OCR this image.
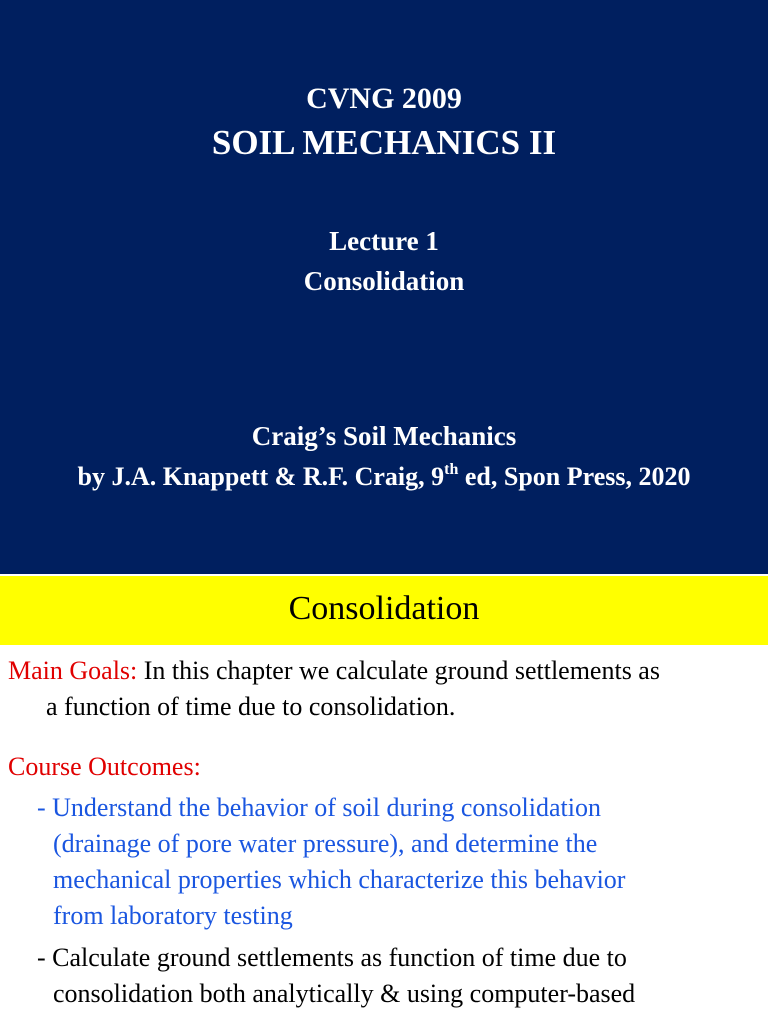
CVNG 2009
SOIL MECHANICS II
Lecture 1
Consolidation
Craig’s Soil Mechanics
by J.A. Knappett & R.F. Craig, 9th ed, Spon Press, 2020
Consolidation
Main Goals: In this chapter we calculate ground settlements as
a function of time due to consolidation.
Course Outcomes:
- Understand the behavior of soil during consolidation
(drainage of pore water pressure), and determine the
mechanical properties which characterize this behavior
from laboratory testing
- Calculate ground settlements as function of time due to
consolidation both analytically & using computer-based
